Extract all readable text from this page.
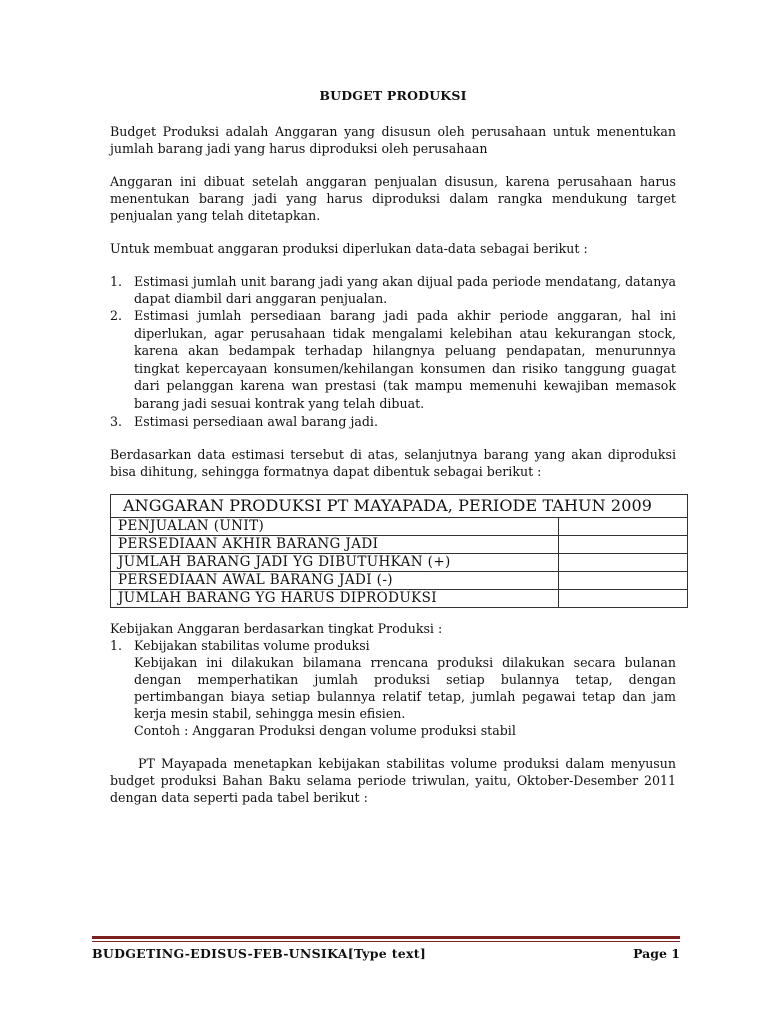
BUDGET PRODUKSI

Budget Produksi adalah Anggaran yang disusun oleh perusahaan untuk menentukan jumlah barang jadi yang harus diproduksi oleh perusahaan

Anggaran ini dibuat setelah anggaran penjualan disusun, karena perusahaan harus menentukan barang jadi yang harus diproduksi dalam rangka mendukung target penjualan yang telah ditetapkan.

Untuk membuat anggaran produksi diperlukan data-data sebagai berikut :

1. Estimasi jumlah unit barang jadi yang akan dijual pada periode mendatang, datanya dapat diambil dari anggaran penjualan.
2. Estimasi jumlah persediaan barang jadi pada akhir periode anggaran, hal ini diperlukan, agar perusahaan tidak mengalami kelebihan atau kekurangan stock, karena akan bedampak terhadap hilangnya peluang pendapatan, menurunnya tingkat kepercayaan konsumen/kehilangan konsumen dan risiko tanggung guagat dari pelanggan karena wan prestasi (tak mampu memenuhi kewajiban memasok barang jadi sesuai kontrak yang telah dibuat.
3. Estimasi persediaan awal barang jadi.

Berdasarkan data estimasi tersebut di atas, selanjutnya barang yang akan diproduksi bisa dihitung, sehingga formatnya dapat dibentuk sebagai berikut :

ANGGARAN PRODUKSI PT MAYAPADA, PERIODE TAHUN 2009	
PENJUALAN (UNIT)	
PERSEDIAAN AKHIR BARANG JADI	
JUMLAH BARANG JADI YG DIBUTUHKAN (+)	
PERSEDIAAN AWAL BARANG JADI (-)	
JUMLAH BARANG YG HARUS DIPRODUKSI	

Kebijakan Anggaran berdasarkan tingkat Produksi :

1. Kebijakan stabilitas volume produksi

Kebijakan ini dilakukan bilamana rrencana produksi dilakukan secara bulanan dengan memperhatikan jumlah produksi setiap bulannya tetap, dengan pertimbangan biaya setiap bulannya relatif tetap, jumlah pegawai tetap dan jam kerja mesin stabil, sehingga mesin efisien.

Contoh : Anggaran Produksi dengan volume produksi stabil

PT Mayapada menetapkan kebijakan stabilitas volume produksi dalam menyusun budget produksi Bahan Baku selama periode triwulan, yaitu, Oktober-Desember 2011 dengan data seperti pada tabel berikut :

BUDGETING-EDISUS-FEB-UNSIKA[Type text]	Page 1
